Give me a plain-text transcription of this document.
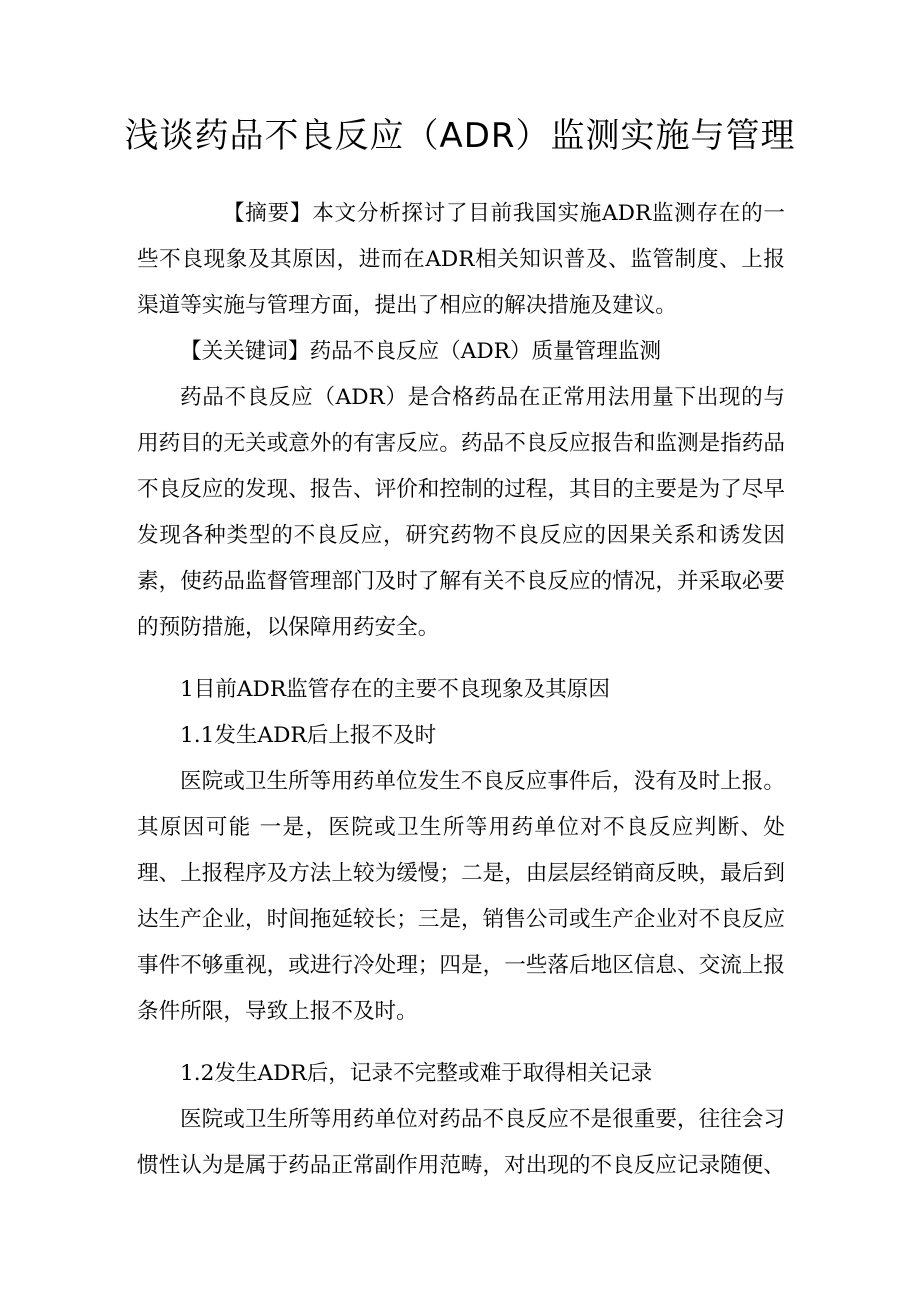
浅谈药品不良反应（ADR）监测实施与管理

【摘要】本文分析探讨了目前我国实施ADR监测存在的一些不良现象及其原因，进而在ADR相关知识普及、监管制度、上报渠道等实施与管理方面，提出了相应的解决措施及建议。

【关关键词】药品不良反应（ADR）质量管理监测

药品不良反应（ADR）是合格药品在正常用法用量下出现的与用药目的无关或意外的有害反应。药品不良反应报告和监测是指药品不良反应的发现、报告、评价和控制的过程，其目的主要是为了尽早发现各种类型的不良反应，研究药物不良反应的因果关系和诱发因素，使药品监督管理部门及时了解有关不良反应的情况，并采取必要的预防措施，以保障用药安全。

1目前ADR监管存在的主要不良现象及其原因

1.1发生ADR后上报不及时

医院或卫生所等用药单位发生不良反应事件后，没有及时上报。其原因可能 一是，医院或卫生所等用药单位对不良反应判断、处理、上报程序及方法上较为缓慢；二是，由层层经销商反映，最后到达生产企业，时间拖延较长；三是，销售公司或生产企业对不良反应事件不够重视，或进行冷处理；四是，一些落后地区信息、交流上报条件所限，导致上报不及时。

1.2发生ADR后，记录不完整或难于取得相关记录

医院或卫生所等用药单位对药品不良反应不是很重要，往往会习惯性认为是属于药品正常副作用范畴，对出现的不良反应记录随便、
